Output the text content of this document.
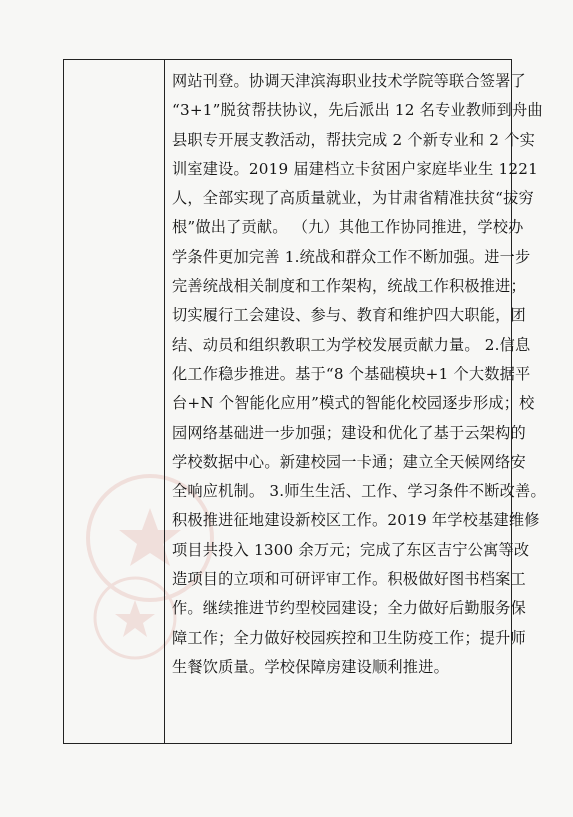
网站刊登。协调天津滨海职业技术学院等联合签署了
“3+1”脱贫帮扶协议，先后派出 12 名专业教师到舟曲
县职专开展支教活动，帮扶完成 2 个新专业和 2 个实
训室建设。2019 届建档立卡贫困户家庭毕业生 1221
人，全部实现了高质量就业，为甘肃省精准扶贫“拔穷
根”做出了贡献。 （九）其他工作协同推进，学校办
学条件更加完善 1.统战和群众工作不断加强。进一步
完善统战相关制度和工作架构，统战工作积极推进；
切实履行工会建设、参与、教育和维护四大职能，团
结、动员和组织教职工为学校发展贡献力量。 2.信息
化工作稳步推进。基于“8 个基础模块+1 个大数据平
台+N 个智能化应用”模式的智能化校园逐步形成；校
园网络基础进一步加强；建设和优化了基于云架构的
学校数据中心。新建校园一卡通；建立全天候网络安
全响应机制。 3.师生生活、工作、学习条件不断改善。
积极推进征地建设新校区工作。2019 年学校基建维修
项目共投入 1300 余万元；完成了东区吉宁公寓等改
造项目的立项和可研评审工作。积极做好图书档案工
作。继续推进节约型校园建设；全力做好后勤服务保
障工作；全力做好校园疾控和卫生防疫工作；提升师
生餐饮质量。学校保障房建设顺利推进。
